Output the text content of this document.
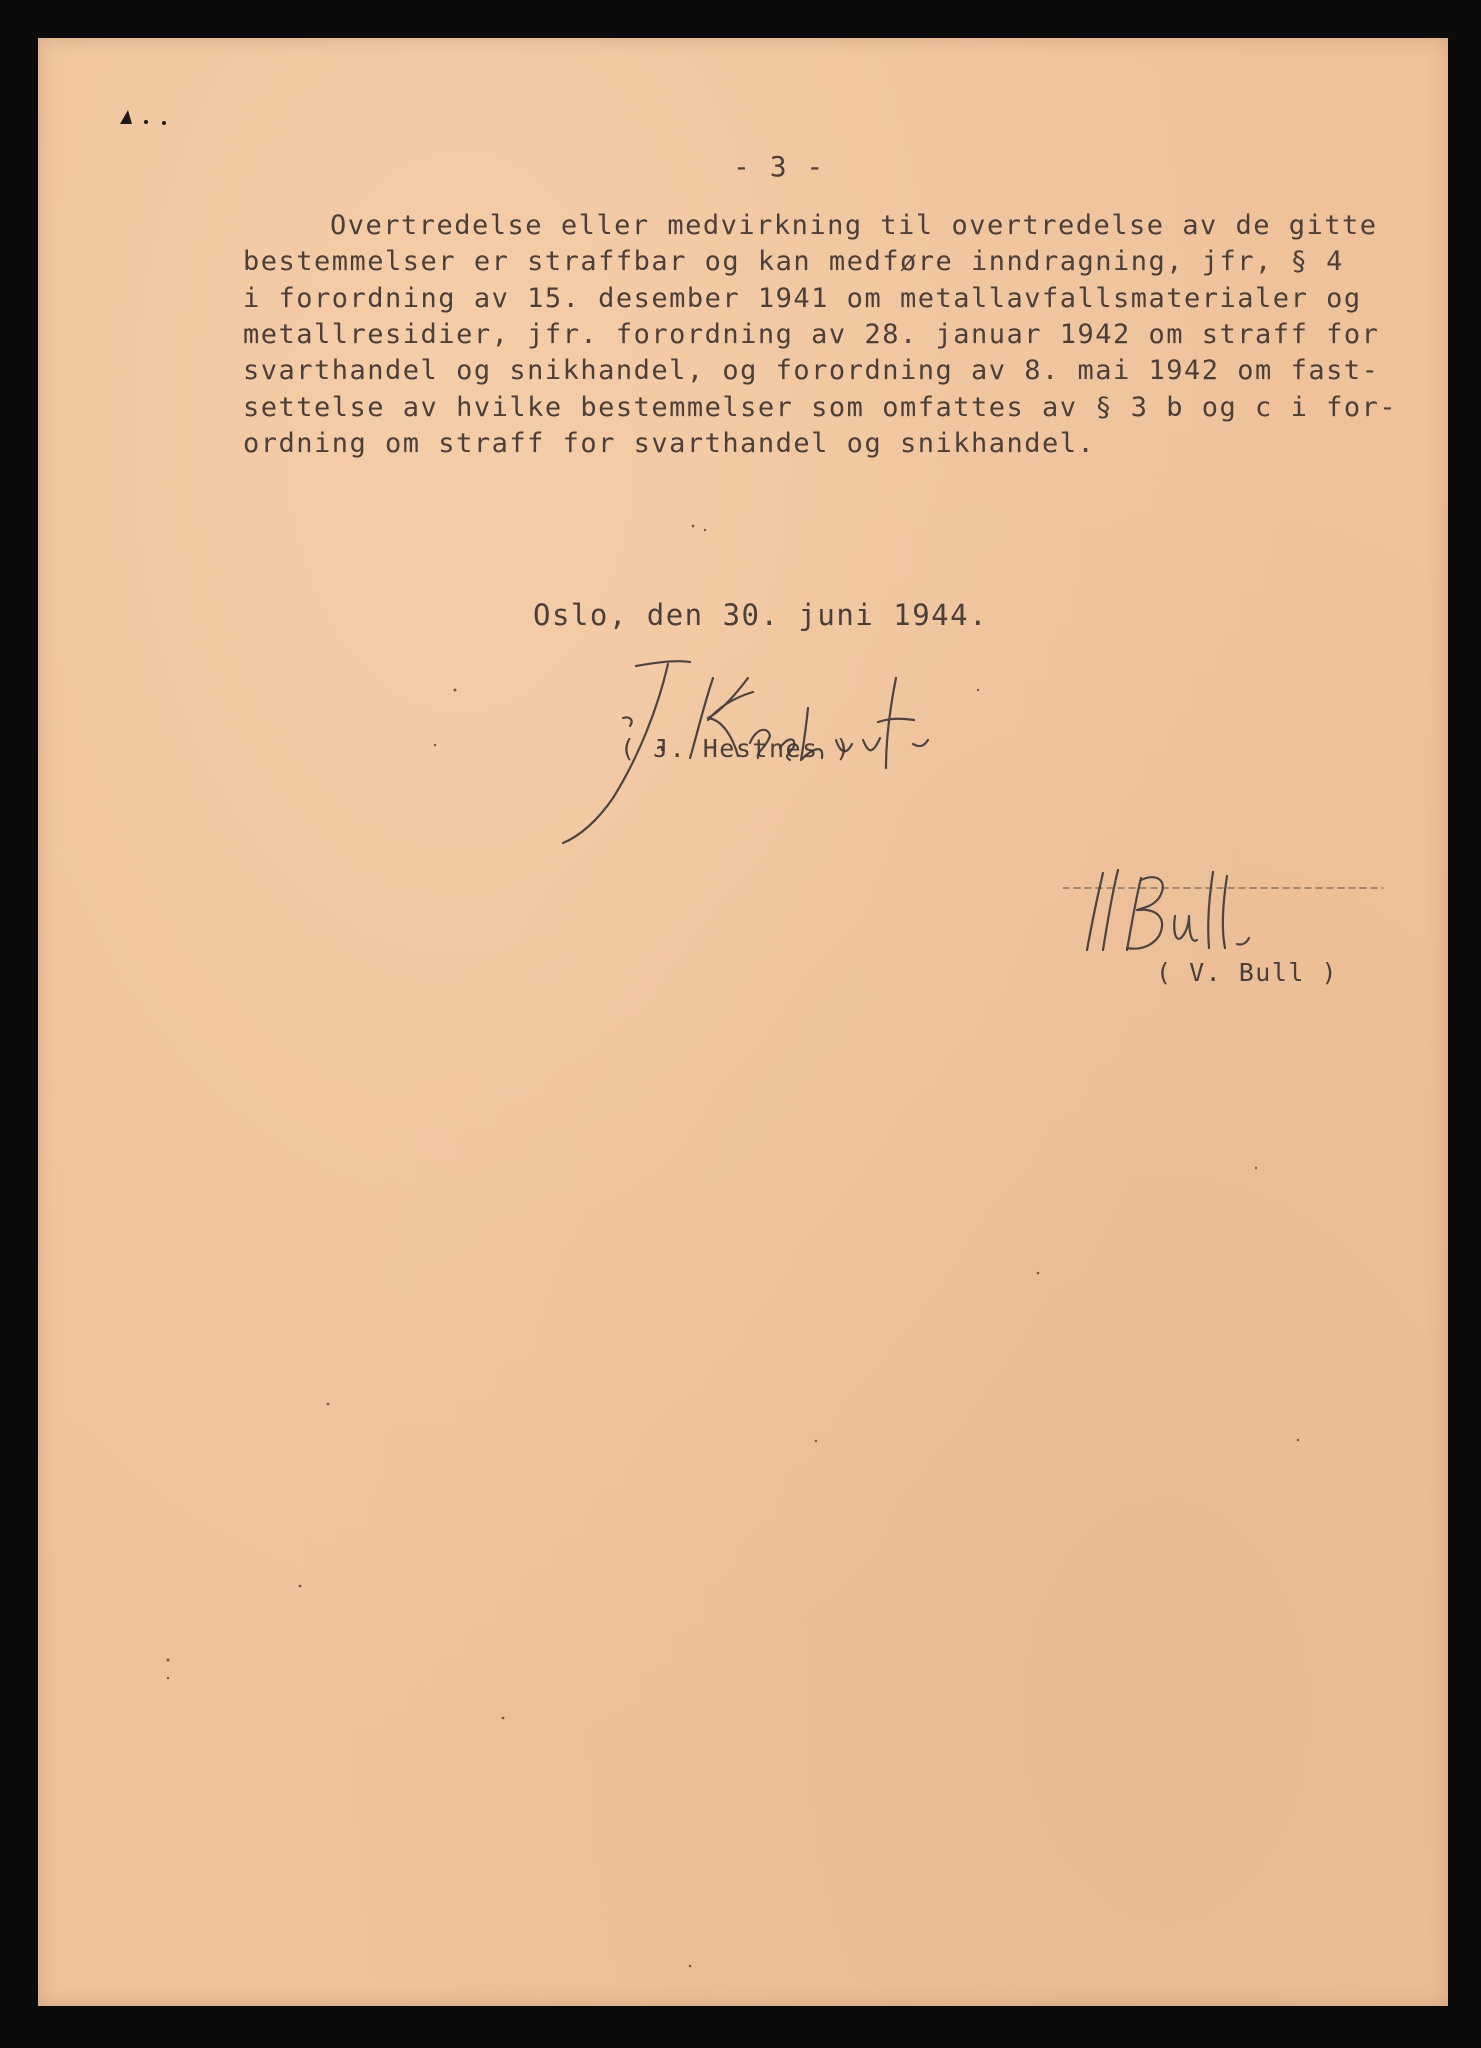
- 3 -
Overtredelse eller medvirkning til overtredelse av de gitte
bestemmelser er straffbar og kan medføre inndragning, jfr, § 4
i forordning av 15. desember 1941 om metallavfallsmaterialer og
metallresidier, jfr. forordning av 28. januar 1942 om straff for
svarthandel og snikhandel, og forordning av 8. mai 1942 om fast-
settelse av hvilke bestemmelser som omfattes av § 3 b og c i for-
ordning om straff for svarthandel og snikhandel.
Oslo, den 30. juni 1944.
( J. Hestnes )
( V. Bull )
